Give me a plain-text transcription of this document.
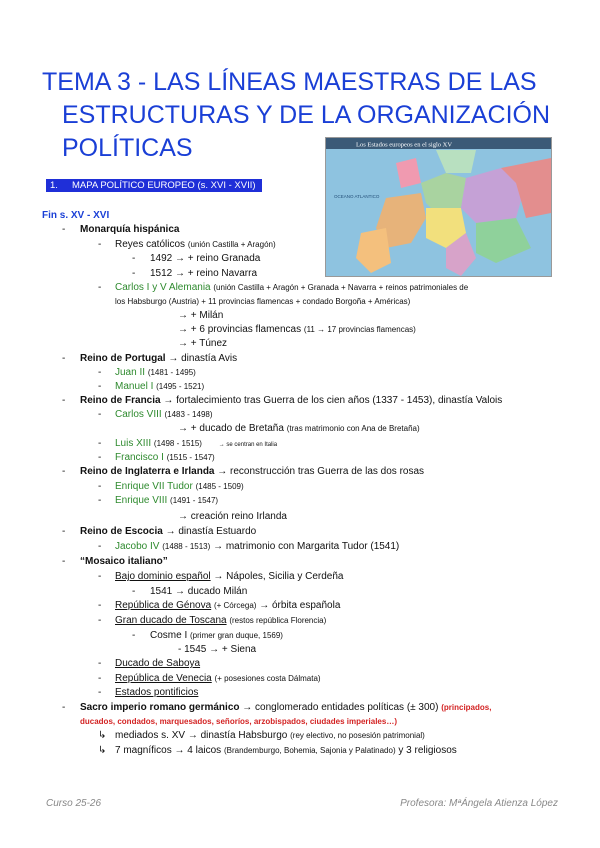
TEMA 3 - LAS LÍNEAS MAESTRAS DE LAS
ESTRUCTURAS Y DE LA ORGANIZACIÓN
POLÍTICAS	Los Estados europeos en el siglo XV
OCEANO ATLANTICO
1. MAPA POLÍTICO EUROPEO (s. XVI - XVII)
Fin s. XV - XVI
- Monarquía hispánica
- Reyes católicos (unión Castilla + Aragón)
- 1492 → + reino Granada
- 1512 → + reino Navarra
- Carlos I y V Alemania (unión Castilla + Aragón + Granada + Navarra + reinos patrimoniales de
los Habsburgo (Austria) + 11 provincias flamencas + condado Borgoña + Américas)
→ + Milán
→ + 6 provincias flamencas (11 → 17 provincias flamencas)
→ + Túnez
- Reino de Portugal → dinastía Avis
- Juan II (1481 - 1495)
- Manuel I (1495 - 1521)
- Reino de Francia → fortalecimiento tras Guerra de los cien años (1337 - 1453), dinastía Valois
- Carlos VIII (1483 - 1498)
→ + ducado de Bretaña (tras matrimonio con Ana de Bretaña)
- Luis XIII (1498 - 1515)	→ se centran en Italia
- Francisco I (1515 - 1547)
- Reino de Inglaterra e Irlanda → reconstrucción tras Guerra de las dos rosas
- Enrique VII Tudor (1485 - 1509)
- Enrique VIII (1491 - 1547)
→ creación reino Irlanda
- Reino de Escocia → dinastía Estuardo
- Jacobo IV (1488 - 1513) → matrimonio con Margarita Tudor (1541)
- “Mosaico italiano”
- Bajo dominio español → Nápoles, Sicilia y Cerdeña
- 1541 → ducado Milán
- República de Génova (+ Córcega) → órbita española
- Gran ducado de Toscana (restos república Florencia)
- Cosme I (primer gran duque, 1569)
- 1545 → + Siena
- Ducado de Saboya
- República de Venecia (+ posesiones costa Dálmata)
- Estados pontificios
- Sacro imperio romano germánico → conglomerado entidades políticas (± 300) (principados,
ducados, condados, marquesados, señoríos, arzobispados, ciudades imperiales…)
↳ mediados s. XV → dinastía Habsburgo (rey electivo, no posesión patrimonial)
↳ 7 magníficos → 4 laicos (Brandemburgo, Bohemia, Sajonia y Palatinado) y 3 religiosos
Curso 25-26	Profesora: MªÁngela Atienza López
